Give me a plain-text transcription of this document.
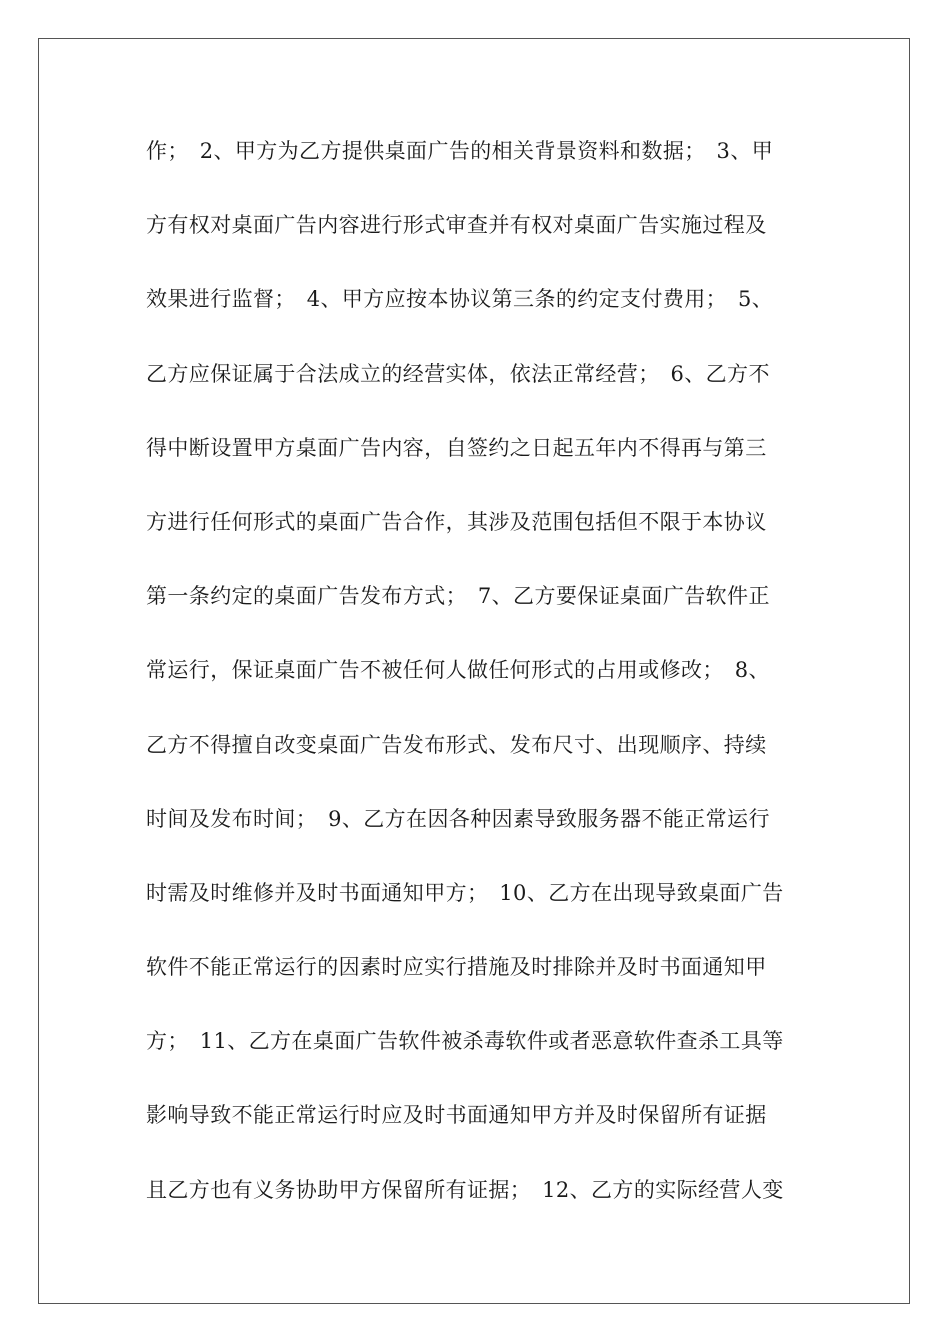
作；　2、甲方为乙方提供桌面广告的相关背景资料和数据；　3、甲
方有权对桌面广告内容进行形式审查并有权对桌面广告实施过程及
效果进行监督；　4、甲方应按本协议第三条的约定支付费用；　5、
乙方应保证属于合法成立的经营实体，依法正常经营；　6、乙方不
得中断设置甲方桌面广告内容，自签约之日起五年内不得再与第三
方进行任何形式的桌面广告合作，其涉及范围包括但不限于本协议
第一条约定的桌面广告发布方式；　7、乙方要保证桌面广告软件正
常运行，保证桌面广告不被任何人做任何形式的占用或修改；　8、
乙方不得擅自改变桌面广告发布形式、发布尺寸、出现顺序、持续
时间及发布时间；　9、乙方在因各种因素导致服务器不能正常运行
时需及时维修并及时书面通知甲方；　10、乙方在出现导致桌面广告
软件不能正常运行的因素时应实行措施及时排除并及时书面通知甲
方；　11、乙方在桌面广告软件被杀毒软件或者恶意软件查杀工具等
影响导致不能正常运行时应及时书面通知甲方并及时保留所有证据
且乙方也有义务协助甲方保留所有证据；　12、乙方的实际经营人变
